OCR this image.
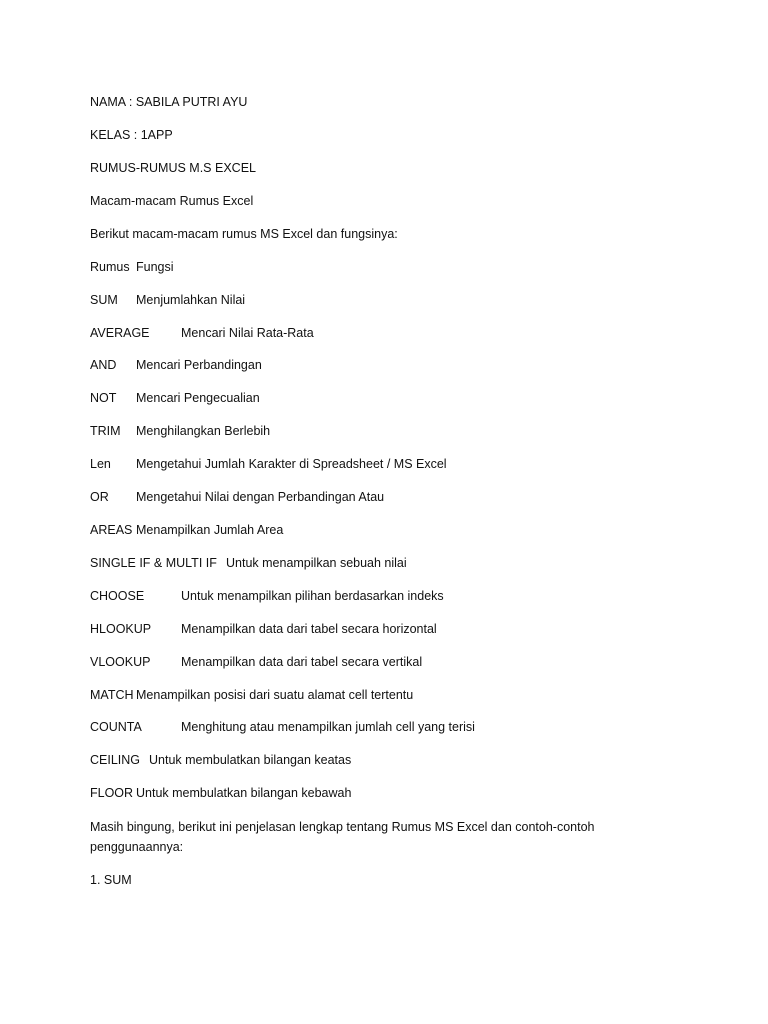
NAMA : SABILA PUTRI AYU
KELAS : 1APP
RUMUS-RUMUS M.S EXCEL
Macam-macam Rumus Excel
Berikut macam-macam rumus MS Excel dan fungsinya:
Rumus Fungsi
SUM Menjumlahkan Nilai
AVERAGE	Mencari Nilai Rata-Rata
AND Mencari Perbandingan
NOT Mencari Pengecualian
TRIM Menghilangkan Berlebih
Len Mengetahui Jumlah Karakter di Spreadsheet / MS Excel
OR Mengetahui Nilai dengan Perbandingan Atau
AREAS Menampilkan Jumlah Area
SINGLE IF & MULTI IF Untuk menampilkan sebuah nilai
CHOOSE	Untuk menampilkan pilihan berdasarkan indeks
HLOOKUP Menampilkan data dari tabel secara horizontal
VLOOKUP Menampilkan data dari tabel secara vertikal
MATCH Menampilkan posisi dari suatu alamat cell tertentu
COUNTA	Menghitung atau menampilkan jumlah cell yang terisi
CEILING Untuk membulatkan bilangan keatas
FLOOR Untuk membulatkan bilangan kebawah
Masih bingung, berikut ini penjelasan lengkap tentang Rumus MS Excel dan contoh-contoh penggunaannya:
1. SUM
